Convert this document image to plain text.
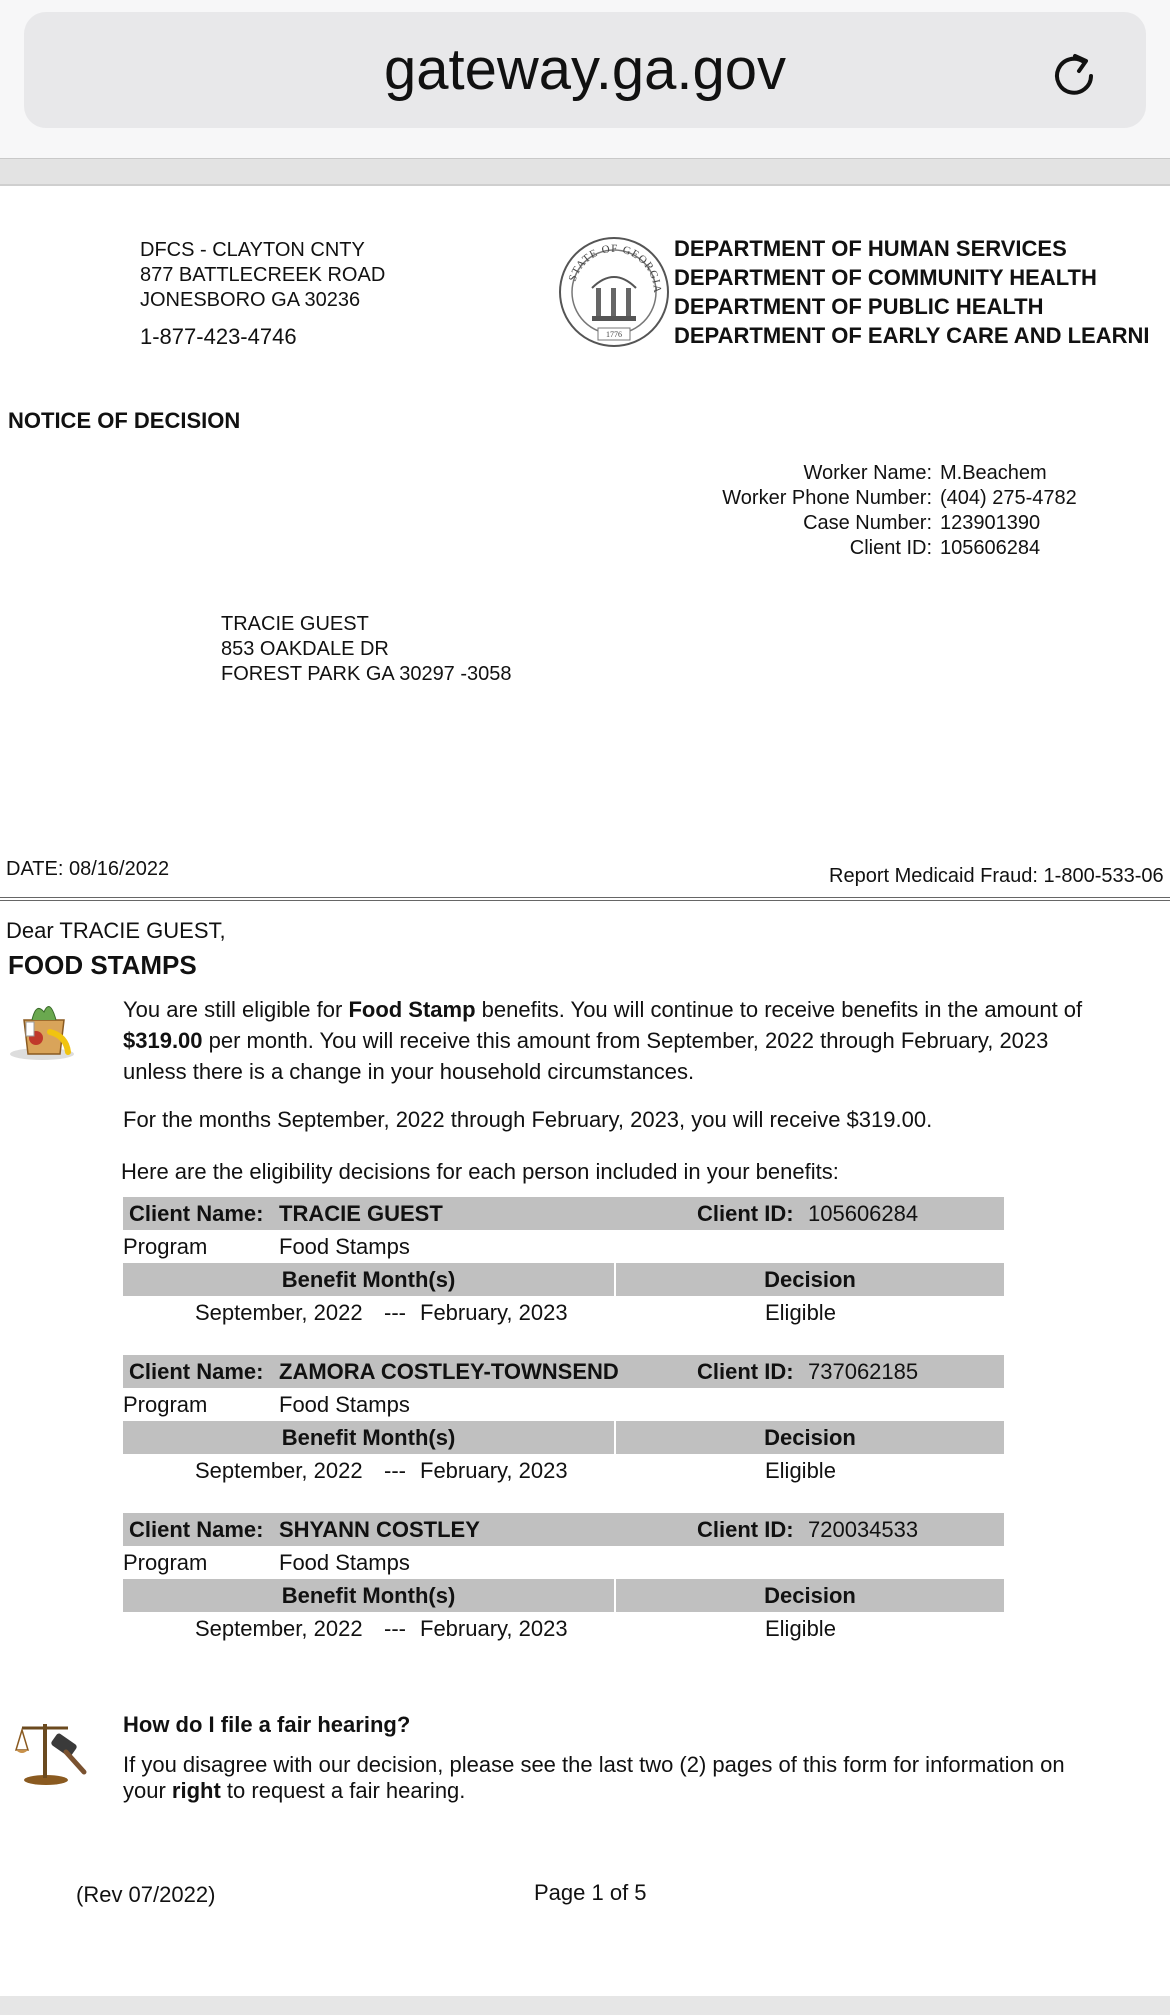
gateway.ga.gov
DFCS - CLAYTON CNTY
877 BATTLECREEK ROAD
JONESBORO GA 30236
1-877-423-4746
STATE OF GEORGIA
1776
DEPARTMENT OF HUMAN SERVICES
DEPARTMENT OF COMMUNITY HEALTH
DEPARTMENT OF PUBLIC HEALTH
DEPARTMENT OF EARLY CARE AND LEARNI
NOTICE OF DECISION
Worker Name: M.Beachem
Worker Phone Number: (404) 275-4782
Case Number: 123901390
Client ID: 105606284
TRACIE GUEST
853 OAKDALE DR
FOREST PARK GA 30297 -3058
DATE: 08/16/2022	Report Medicaid Fraud: 1-800-533-06
Dear TRACIE GUEST,
FOOD STAMPS
You are still eligible for Food Stamp benefits. You will continue to receive benefits in the amount of
$319.00 per month. You will receive this amount from September, 2022 through February, 2023
unless there is a change in your household circumstances.
For the months September, 2022 through February, 2023, you will receive $319.00.
Here are the eligibility decisions for each person included in your benefits:
Client Name: TRACIE GUEST	Client ID: 105606284
Program	Food Stamps
Benefit Month(s)	Decision
September, 2022 --- February, 2023	Eligible
Client Name: ZAMORA COSTLEY-TOWNSEND	Client ID: 737062185
Program	Food Stamps
Benefit Month(s)	Decision
September, 2022 --- February, 2023	Eligible
Client Name: SHYANN COSTLEY	Client ID: 720034533
Program	Food Stamps
Benefit Month(s)	Decision
September, 2022 --- February, 2023	Eligible
How do I file a fair hearing?
If you disagree with our decision, please see the last two (2) pages of this form for information on
your right to request a fair hearing.
(Rev 07/2022)	Page 1 of 5
